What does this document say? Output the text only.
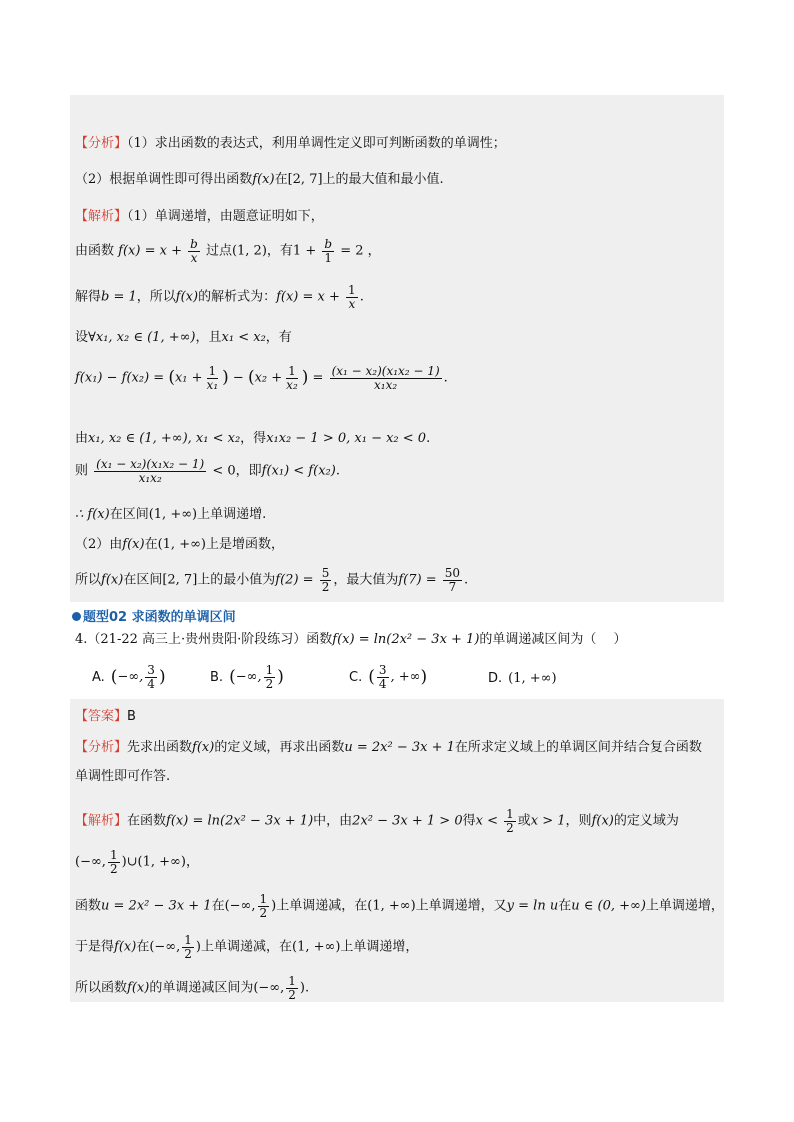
【分析】（1）求出函数的表达式，利用单调性定义即可判断函数的单调性；
（2）根据单调性即可得出函数f(x)在[2, 7]上的最大值和最小值.
【解析】（1）单调递增，由题意证明如下，
由函数 $f(x) = x + \frac{b}{x}$ 过点(1, 2)，有$1 + \frac{b}{1} = 2$ ，
解得b = 1，所以f(x)的解析式为：$f(x) = x + \frac{1}{x}$ .
设∀x₁, x₂ ∈ (1, +∞)，且x₁ < x₂，有
$f(x_1) - f(x_2) = (x_1 + \frac{1}{\text{x₁}}$ ) − ($x_2 + \frac{1}{\text{x₂}}$ ) = $\frac{\text{(x₁ − x₂)(x₁x₂ − 1)}}{\text{x₁x₂}}$ .
由x₁, x₂ ∈ (1, +∞), x₁ < x₂，得x₁x₂ − 1 > 0, x₁ − x₂ < 0.
则 $\frac{\text{(x₁ − x₂)(x₁x₂ − 1)}}{\text{x₁x₂}} < 0$，即f(x₁) < f(x₂).
∴ f(x)在区间(1, +∞)上单调递增.
（2）由f(x)在(1, +∞)上是增函数，
所以f(x)在区间[2, 7]上的最小值为$f(2) = \frac{5}{2}$ ，最大值为$f(7) = \frac{50}{7}$ .
题型02 求函数的单调区间
4.（21-22 高三上·贵州贵阳·阶段练习）函数f(x) = ln(2x² − 3x + 1)的单调递减区间为（　 ）
A. (−∞, $\frac{3}{4}$ )	B. (−∞, $\frac{1}{2}$ )	C. ( $\frac{3}{4}$ , +∞)	D. (1, +∞)
【答案】B
【分析】先求出函数f(x)的定义域，再求出函数u = 2x² − 3x + 1在所求定义域上的单调区间并结合复合函数
单调性即可作答.
【解析】在函数f(x) = ln(2x² − 3x + 1)中，由2x² − 3x + 1 > 0得$x < \frac{1}{2}$ 或x > 1，则f(x)的定义域为
(−∞, $\frac{1}{2}$ )∪(1, +∞)，
函数u = 2x² − 3x + 1在(−∞, $\frac{1}{2}$ )上单调递减，在(1, +∞)上单调递增，又y = ln u在u ∈ (0, +∞)上单调递增，
于是得f(x)在(−∞, $\frac{1}{2}$ )上单调递减，在(1, +∞)上单调递增，
所以函数f(x)的单调递减区间为(−∞, $\frac{1}{2}$ ).
